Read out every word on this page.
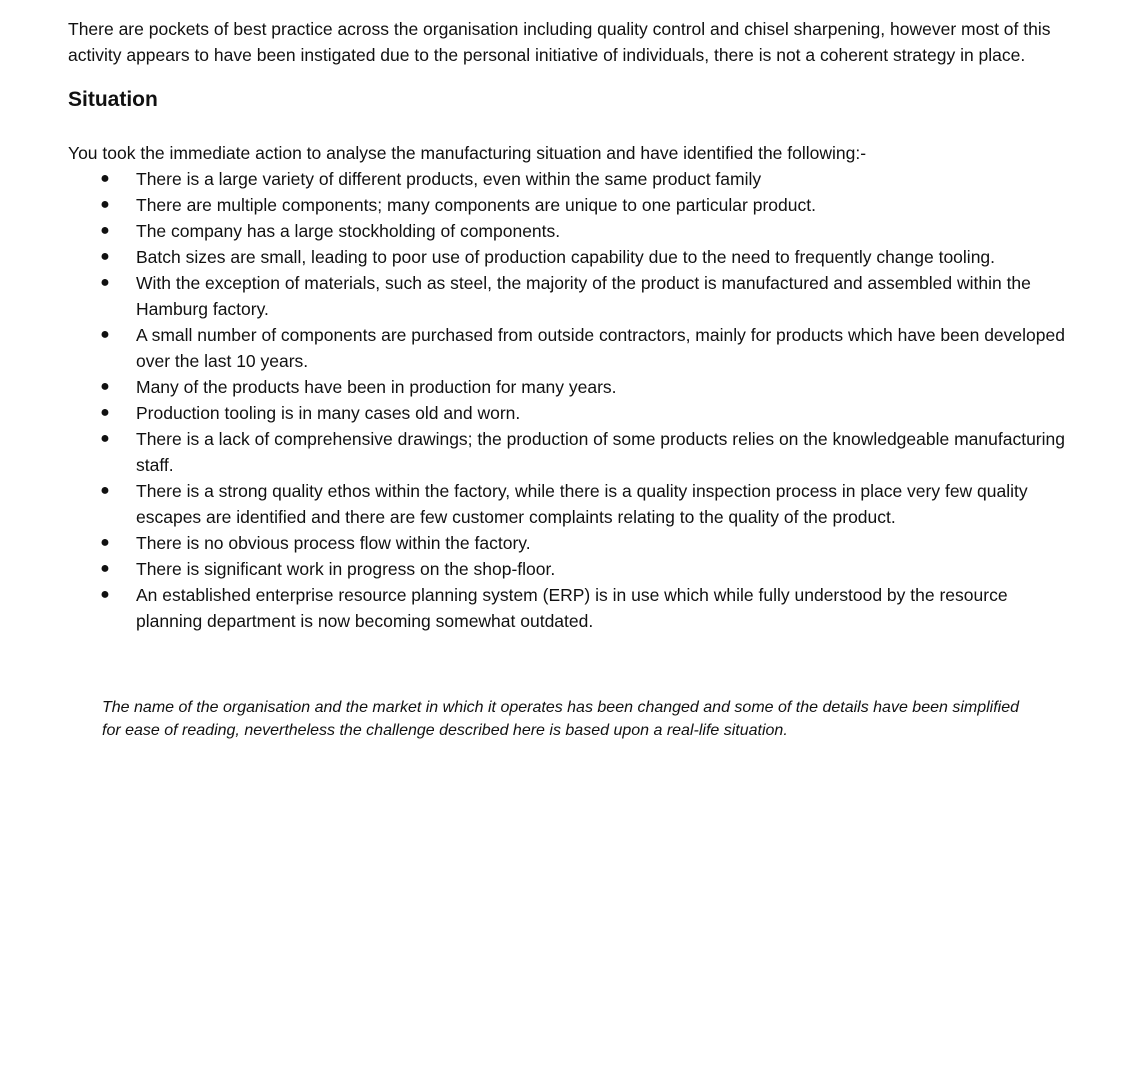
There are pockets of best practice across the organisation including quality control and chisel sharpening, however most of this activity appears to have been instigated due to the personal initiative of individuals, there is not a coherent strategy in place.

Situation

You took the immediate action to analyse the manufacturing situation and have identified the following:-

● There is a large variety of different products, even within the same product family
● There are multiple components; many components are unique to one particular product.
● The company has a large stockholding of components.
● Batch sizes are small, leading to poor use of production capability due to the need to frequently change tooling.
● With the exception of materials, such as steel, the majority of the product is manufactured and assembled within the Hamburg factory.
● A small number of components are purchased from outside contractors, mainly for products which have been developed over the last 10 years.
● Many of the products have been in production for many years.
● Production tooling is in many cases old and worn.
● There is a lack of comprehensive drawings; the production of some products relies on the knowledgeable manufacturing staff.
● There is a strong quality ethos within the factory, while there is a quality inspection process in place very few quality escapes are identified and there are few customer complaints relating to the quality of the product.
● There is no obvious process flow within the factory.
● There is significant work in progress on the shop-floor.
● An established enterprise resource planning system (ERP) is in use which while fully understood by the resource planning department is now becoming somewhat outdated.

The name of the organisation and the market in which it operates has been changed and some of the details have been simplified for ease of reading, nevertheless the challenge described here is based upon a real-life situation.
